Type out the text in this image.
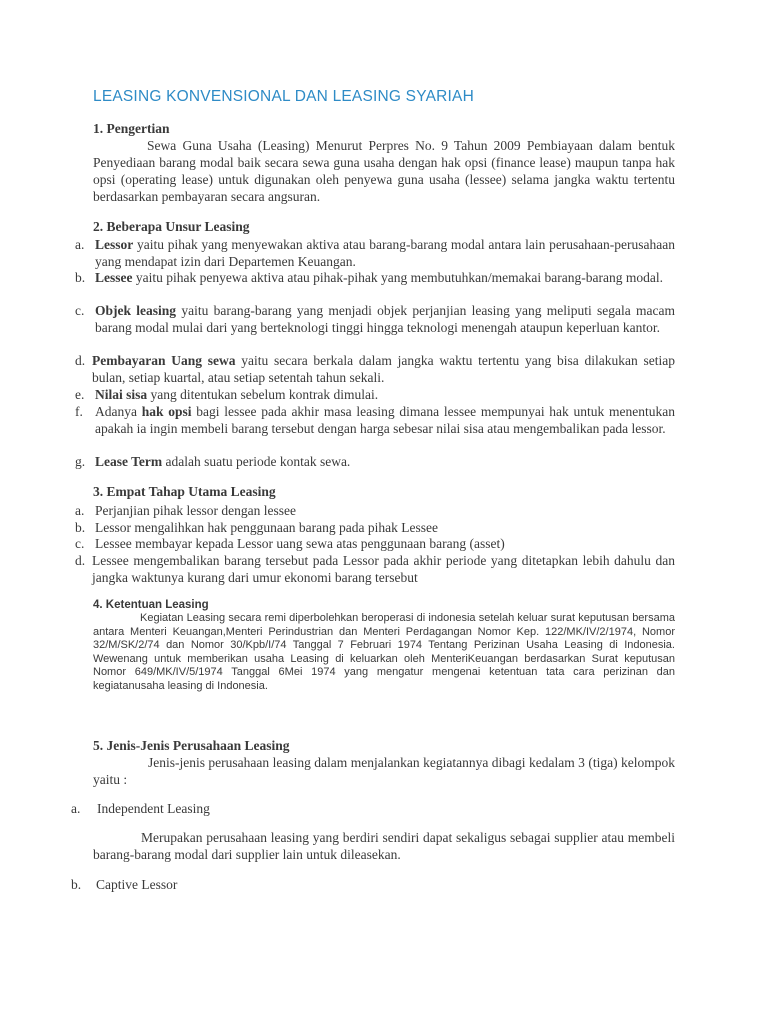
LEASING KONVENSIONAL DAN LEASING SYARIAH
1. Pengertian
Sewa Guna Usaha (Leasing) Menurut Perpres No. 9 Tahun 2009 Pembiayaan dalam bentuk Penyediaan barang modal baik secara sewa guna usaha dengan hak opsi (finance lease) maupun tanpa hak opsi (operating lease) untuk digunakan oleh penyewa guna usaha (lessee) selama jangka waktu tertentu berdasarkan pembayaran secara angsuran.
2. Beberapa Unsur Leasing
a. Lessor yaitu pihak yang menyewakan aktiva atau barang-barang modal antara lain perusahaan-perusahaan yang mendapat izin dari Departemen Keuangan.
b. Lessee yaitu pihak penyewa aktiva atau pihak-pihak yang membutuhkan/memakai barang-barang modal.
c. Objek leasing yaitu barang-barang yang menjadi objek perjanjian leasing yang meliputi segala macam barang modal mulai dari yang berteknologi tinggi hingga teknologi menengah ataupun keperluan kantor.
d. Pembayaran Uang sewa yaitu secara berkala dalam jangka waktu tertentu yang bisa dilakukan setiap bulan, setiap kuartal, atau setiap setentah tahun sekali.
e. Nilai sisa yang ditentukan sebelum kontrak dimulai.
f. Adanya hak opsi bagi lessee pada akhir masa leasing dimana lessee mempunyai hak untuk menentukan apakah ia ingin membeli barang tersebut dengan harga sebesar nilai sisa atau mengembalikan pada lessor.
g. Lease Term adalah suatu periode kontak sewa.
3. Empat Tahap Utama Leasing
a. Perjanjian pihak lessor dengan lessee
b. Lessor mengalihkan hak penggunaan barang pada pihak Lessee
c. Lessee membayar kepada Lessor uang sewa atas penggunaan barang (asset)
d. Lessee mengembalikan barang tersebut pada Lessor pada akhir periode yang ditetapkan lebih dahulu dan jangka waktunya kurang dari umur ekonomi barang tersebut
4. Ketentuan Leasing
Kegiatan Leasing secara remi diperbolehkan beroperasi di indonesia setelah keluar surat keputusan bersama antara Menteri Keuangan,Menteri Perindustrian dan Menteri Perdagangan Nomor Kep. 122/MK/IV/2/1974, Nomor 32/M/SK/2/74 dan Nomor 30/Kpb/I/74 Tanggal 7 Februari 1974 Tentang Perizinan Usaha Leasing di Indonesia. Wewenang untuk memberikan usaha Leasing di keluarkan oleh MenteriKeuangan berdasarkan Surat keputusan Nomor 649/MK/IV/5/1974 Tanggal 6Mei 1974 yang mengatur mengenai ketentuan tata cara perizinan dan kegiatanusaha leasing di Indonesia.
5. Jenis-Jenis Perusahaan Leasing
Jenis-jenis perusahaan leasing dalam menjalankan kegiatannya dibagi kedalam 3 (tiga) kelompok yaitu :
a. Independent Leasing
Merupakan perusahaan leasing yang berdiri sendiri dapat sekaligus sebagai supplier atau membeli barang-barang modal dari supplier lain untuk dileasekan.
b. Captive Lessor
